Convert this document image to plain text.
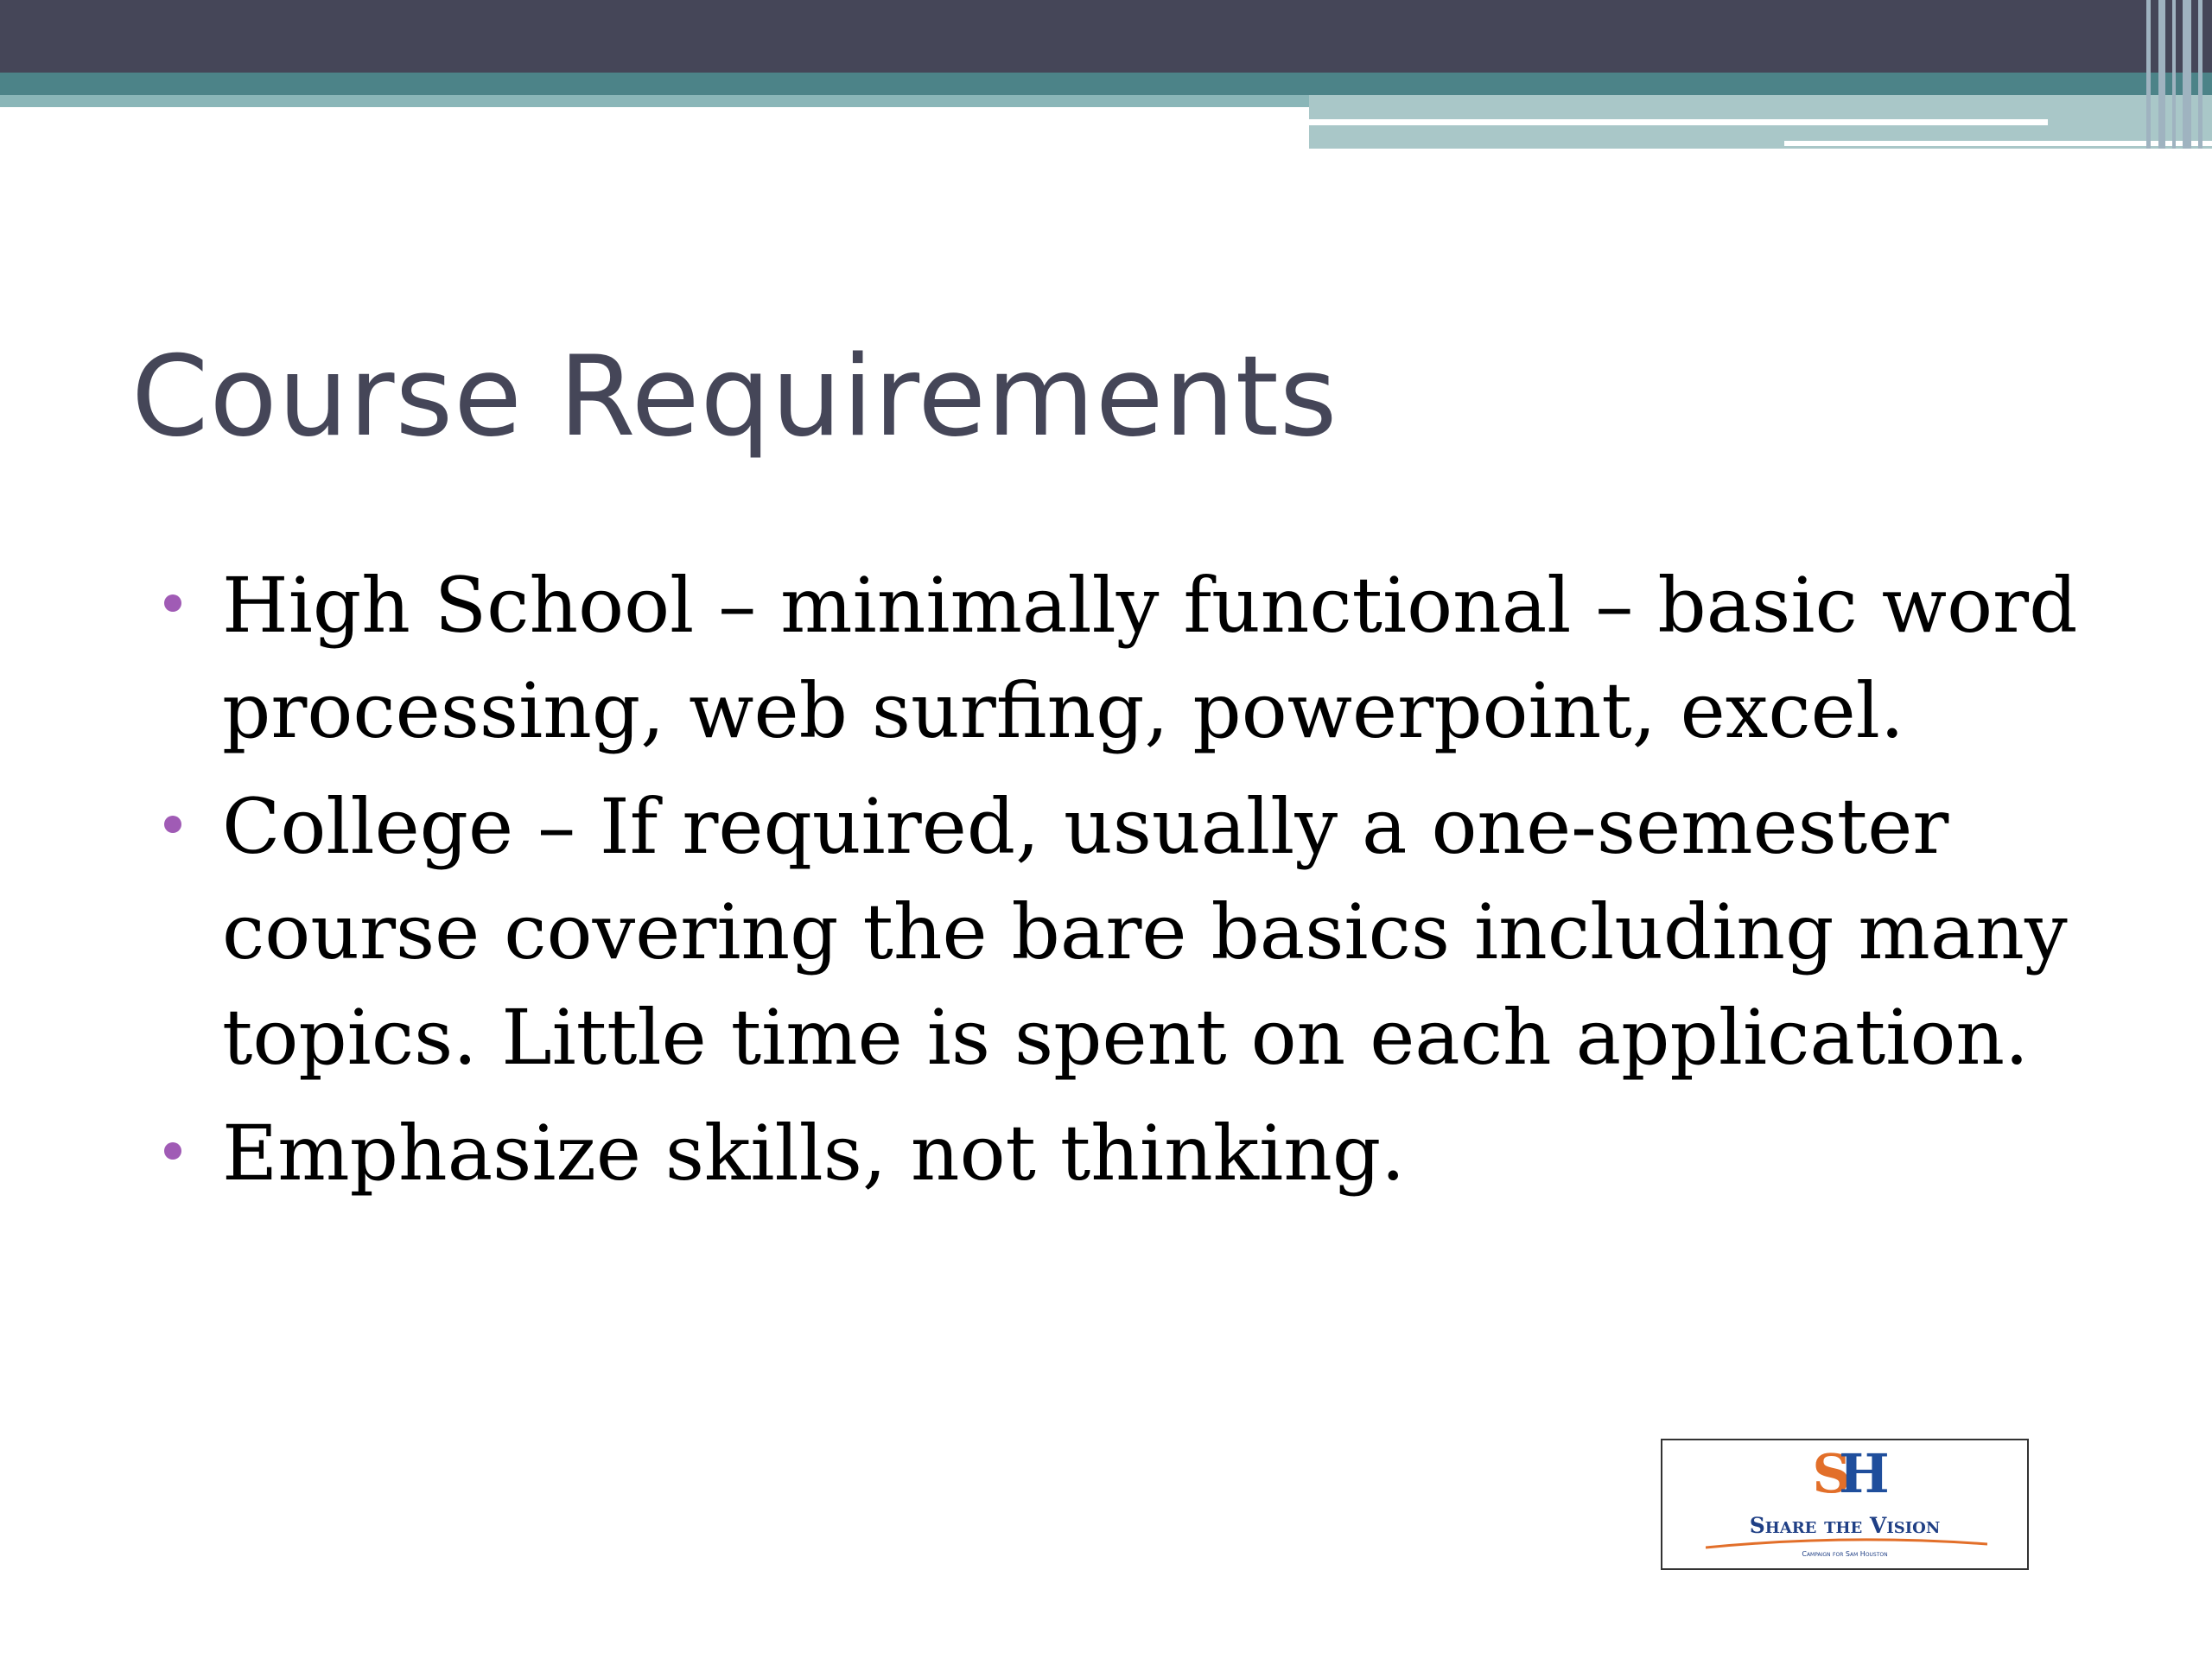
Course Requirements
High School – minimally functional – basic word processing, web surfing, powerpoint, excel.
College – If required, usually a one-semester course covering the bare basics including many topics. Little time is spent on each application.
Emphasize skills, not thinking.
SH
Share the Vision
Campaign for Sam Houston
